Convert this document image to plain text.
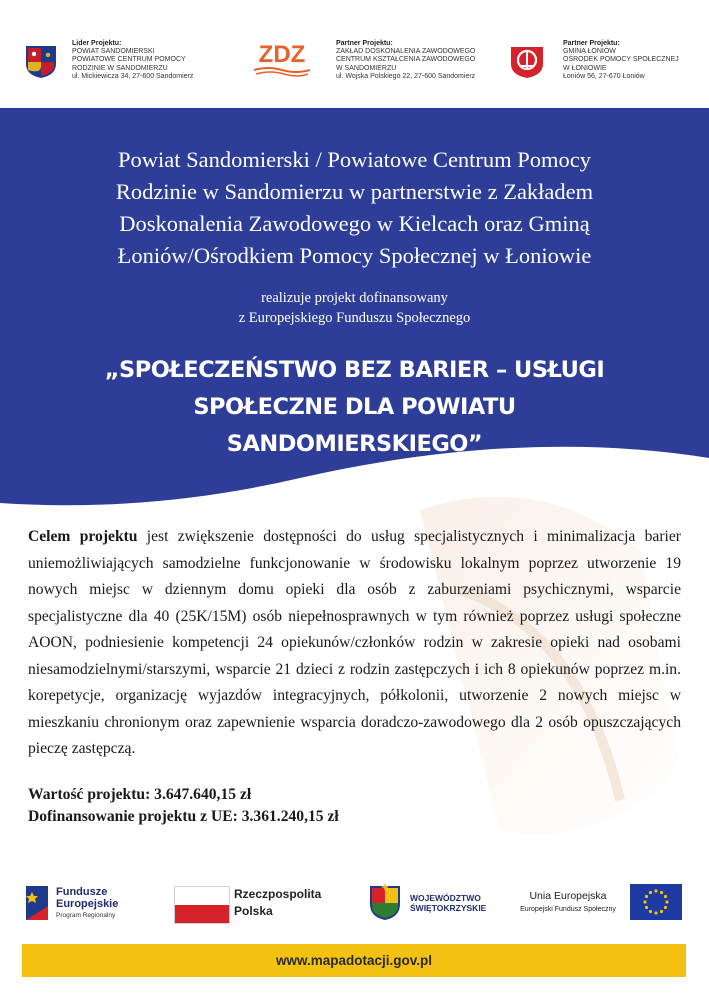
Lider Projektu:
POWIAT SANDOMIERSKI
POWIATOWE CENTRUM POMOCY
RODZINIE W SANDOMIERZU
ul. Mickiewicza 34, 27-600 Sandomierz
ZDZ	Partner Projektu:
ZAKŁAD DOSKONALENIA ZAWODOWEGO
CENTRUM KSZTAŁCENIA ZAWODOWEGO
W SANDOMIERZU
ul. Wojska Polskiego 22, 27-600 Sandomierz
Partner Projektu:
GMINA ŁONIÓW
OŚRODEK POMOCY SPOŁECZNEJ
W ŁONIOWIE
Łoniów 56, 27-670 Łoniów
Powiat Sandomierski / Powiatowe Centrum Pomocy
Rodzinie w Sandomierzu w partnerstwie z Zakładem
Doskonalenia Zawodowego w Kielcach oraz Gminą
Łoniów/Ośrodkiem Pomocy Społecznej w Łoniowie
realizuje projekt dofinansowany
z Europejskiego Funduszu Społecznego
„SPOŁECZEŃSTWO BEZ BARIER – USŁUGI
SPOŁECZNE DLA POWIATU
SANDOMIERSKIEGO”
Celem projektu jest zwiększenie dostępności do usług specjalistycznych i minimalizacja barier uniemożliwiających samodzielne funkcjonowanie w środowisku lokalnym poprzez utworzenie 19 nowych miejsc w dziennym domu opieki dla osób z zaburzeniami psychicznymi, wsparcie specjalistyczne dla 40 (25K/15M) osób niepełnosprawnych w tym również poprzez usługi społeczne AOON, podniesienie kompetencji 24 opiekunów/członków rodzin w zakresie opieki nad osobami niesamodzielnymi/starszymi, wsparcie 21 dzieci z rodzin zastępczych i ich 8 opiekunów poprzez m.in. korepetycje, organizację wyjazdów integracyjnych, półkolonii, utworzenie 2 nowych miejsc w mieszkaniu chronionym oraz zapewnienie wsparcia doradczo-zawodowego dla 2 osób opuszczających pieczę zastępczą.
Wartość projektu: 3.647.640,15 zł
Dofinansowanie projektu z UE: 3.361.240,15 zł
Fundusze
Europejskie
Program Regionalny
Rzeczpospolita
Polska
WOJEWÓDZTWO
ŚWIĘTOKRZYSKIE
Unia Europejska
Europejski Fundusz Społeczny
www.mapadotacji.gov.pl
